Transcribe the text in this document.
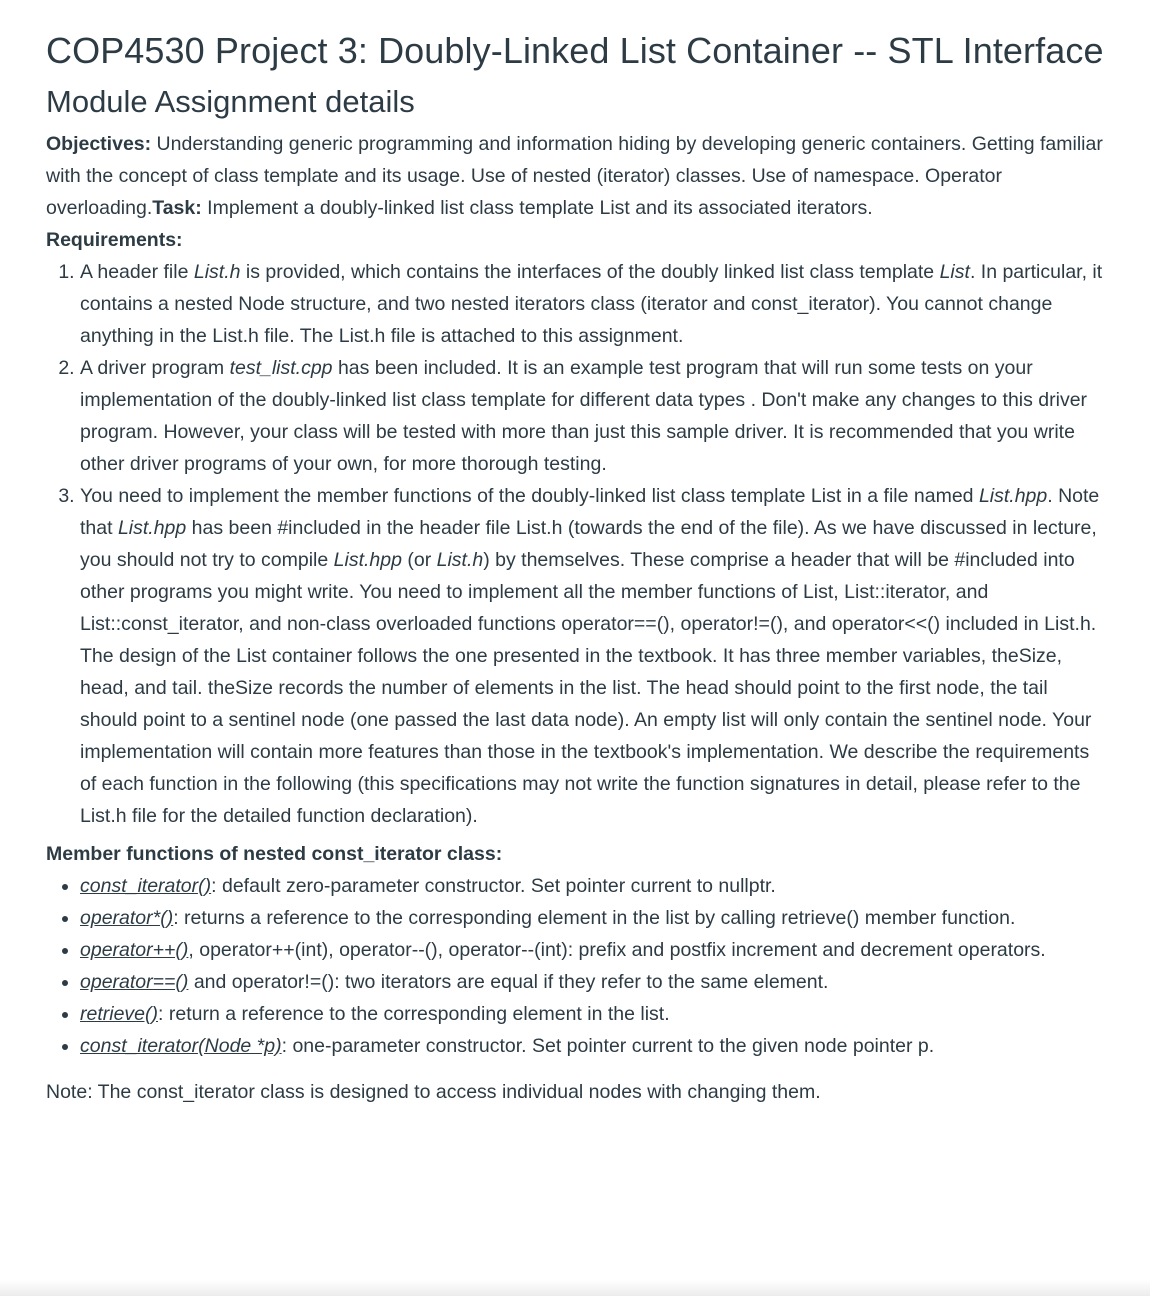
COP4530 Project 3: Doubly-Linked List Container -- STL Interface
Module Assignment details

Objectives: Understanding generic programming and information hiding by developing generic containers. Getting familiar with the concept of class template and its usage. Use of nested (iterator) classes. Use of namespace. Operator overloading.Task: Implement a doubly-linked list class template List and its associated iterators.

Requirements:

1. A header file List.h is provided, which contains the interfaces of the doubly linked list class template List. In particular, it contains a nested Node structure, and two nested iterators class (iterator and const_iterator). You cannot change anything in the List.h file. The List.h file is attached to this assignment.
2. A driver program test_list.cpp has been included. It is an example test program that will run some tests on your implementation of the doubly-linked list class template for different data types . Don't make any changes to this driver program. However, your class will be tested with more than just this sample driver. It is recommended that you write other driver programs of your own, for more thorough testing.
3. You need to implement the member functions of the doubly-linked list class template List in a file named List.hpp. Note that List.hpp has been #included in the header file List.h (towards the end of the file). As we have discussed in lecture, you should not try to compile List.hpp (or List.h) by themselves. These comprise a header that will be #included into other programs you might write. You need to implement all the member functions of List, List::iterator, and List::const_iterator, and non-class overloaded functions operator==(), operator!=(), and operator<<() included in List.h. The design of the List container follows the one presented in the textbook. It has three member variables, theSize, head, and tail. theSize records the number of elements in the list. The head should point to the first node, the tail should point to a sentinel node (one passed the last data node). An empty list will only contain the sentinel node. Your implementation will contain more features than those in the textbook's implementation. We describe the requirements of each function in the following (this specifications may not write the function signatures in detail, please refer to the List.h file for the detailed function declaration).

Member functions of nested const_iterator class:

• const_iterator(): default zero-parameter constructor. Set pointer current to nullptr.
• operator*(): returns a reference to the corresponding element in the list by calling retrieve() member function.
• operator++(), operator++(int), operator--(), operator--(int): prefix and postfix increment and decrement operators.
• operator==() and operator!=(): two iterators are equal if they refer to the same element.
• retrieve(): return a reference to the corresponding element in the list.
• const_iterator(Node *p): one-parameter constructor. Set pointer current to the given node pointer p.

Note: The const_iterator class is designed to access individual nodes with changing them.
